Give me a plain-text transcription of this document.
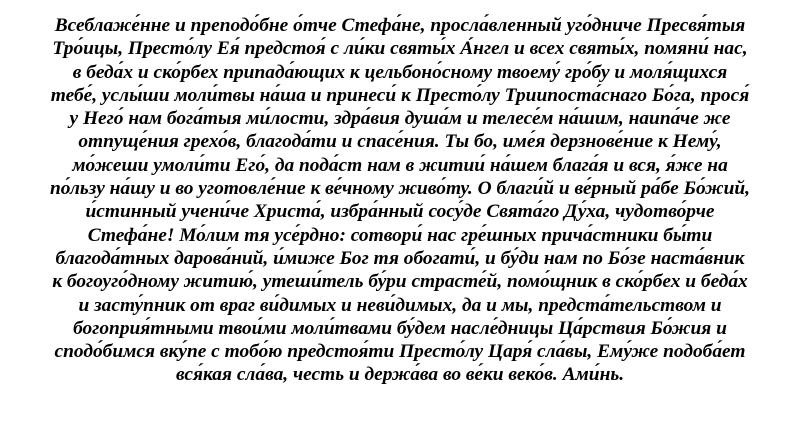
Всеблаже́нне и преподо́бне о́тче Стефа́не, просла́вленный уго́дниче Пресвя́тыя
Тро́ицы, Престо́лу Ея́ предстоя́ с ли́ки святы́х А́нгел и всех святы́х, помяни́ нас,
в беда́х и ско́рбех припада́ющих к цельбоно́сному твоему́ гро́бу и моля́щихся
тебе́, услы́ши моли́твы на́ша и принеси́ к Престо́лу Триипоста́снаго Бо́га, прося́
у Него́ нам бога́тыя ми́лости, здра́вия душа́м и телесе́м на́шим, наипа́че же
отпуще́ния грехо́в, благода́ти и спасе́ния. Ты бо, име́я дерзнове́ние к Нему́,
мо́жеши умоли́ти Его́, да пода́ст нам в житии́ на́шем блага́я и вся, я́же на
по́льзу на́шу и во уготовле́ние к ве́чному живо́ту. О благи́й и ве́рный ра́бе Бо́жий,
и́стинный учени́че Христа́, избра́нный сосу́де Свята́го Ду́ха, чудотво́рче
Стефа́не! Мо́лим тя усе́рдно: сотвори́ нас гре́шных прича́стники бы́ти
благода́тных дарова́ний, и́миже Бог тя обогати́, и бу́ди нам по Бо́зе наста́вник
к богоуго́дному житию́, утеши́тель бу́ри страсте́й, помо́щник в ско́рбех и беда́х
и засту́пник от враг ви́димых и неви́димых, да и мы, предста́тельством и
богоприя́тными твои́ми моли́твами бу́дем насле́дницы Ца́рствия Бо́жия и
сподо́бимся вку́пе с тобо́ю предстоя́ти Престо́лу Царя́ сла́вы, Ему́же подоба́ет
вся́кая сла́ва, честь и держа́ва во ве́ки веко́в. Ами́нь.
